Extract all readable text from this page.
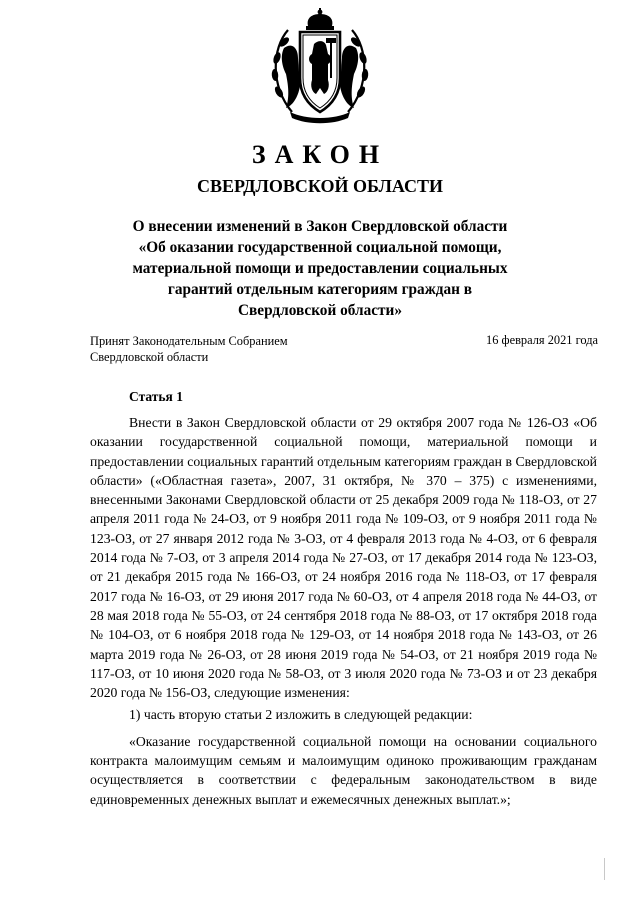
ЗАКОН
СВЕРДЛОВСКОЙ ОБЛАСТИ
О внесении изменений в Закон Свердловской области
«Об оказании государственной социальной помощи,
материальной помощи и предоставлении социальных
гарантий отдельным категориям граждан в
Свердловской области»
Принят Законодательным Собранием
Свердловской области
16 февраля 2021 года
Статья 1

Внести в Закон Свердловской области от 29 октября 2007 года № 126-ОЗ «Об оказании государственной социальной помощи, материальной помощи и предоставлении социальных гарантий отдельным категориям граждан в Свердловской области» («Областная газета», 2007, 31 октября, № 370 – 375) с изменениями, внесенными Законами Свердловской области от 25 декабря 2009 года № 118-ОЗ, от 27 апреля 2011 года № 24-ОЗ, от 9 ноября 2011 года № 109-ОЗ, от 9 ноября 2011 года № 123-ОЗ, от 27 января 2012 года № 3-ОЗ, от 4 февраля 2013 года № 4-ОЗ, от 6 февраля 2014 года № 7-ОЗ, от 3 апреля 2014 года № 27-ОЗ, от 17 декабря 2014 года № 123-ОЗ, от 21 декабря 2015 года № 166-ОЗ, от 24 ноября 2016 года № 118-ОЗ, от 17 февраля 2017 года № 16-ОЗ, от 29 июня 2017 года № 60-ОЗ, от 4 апреля 2018 года № 44-ОЗ, от 28 мая 2018 года № 55-ОЗ, от 24 сентября 2018 года № 88-ОЗ, от 17 октября 2018 года № 104-ОЗ, от 6 ноября 2018 года № 129-ОЗ, от 14 ноября 2018 года № 143-ОЗ, от 26 марта 2019 года № 26-ОЗ, от 28 июня 2019 года № 54-ОЗ, от 21 ноября 2019 года № 117-ОЗ, от 10 июня 2020 года № 58-ОЗ, от 3 июля 2020 года № 73-ОЗ и от 23 декабря 2020 года № 156-ОЗ, следующие изменения:

1) часть вторую статьи 2 изложить в следующей редакции:

«Оказание государственной социальной помощи на основании социального контракта малоимущим семьям и малоимущим одиноко проживающим гражданам осуществляется в соответствии с федеральным законодательством в виде единовременных денежных выплат и ежемесячных денежных выплат.»;
